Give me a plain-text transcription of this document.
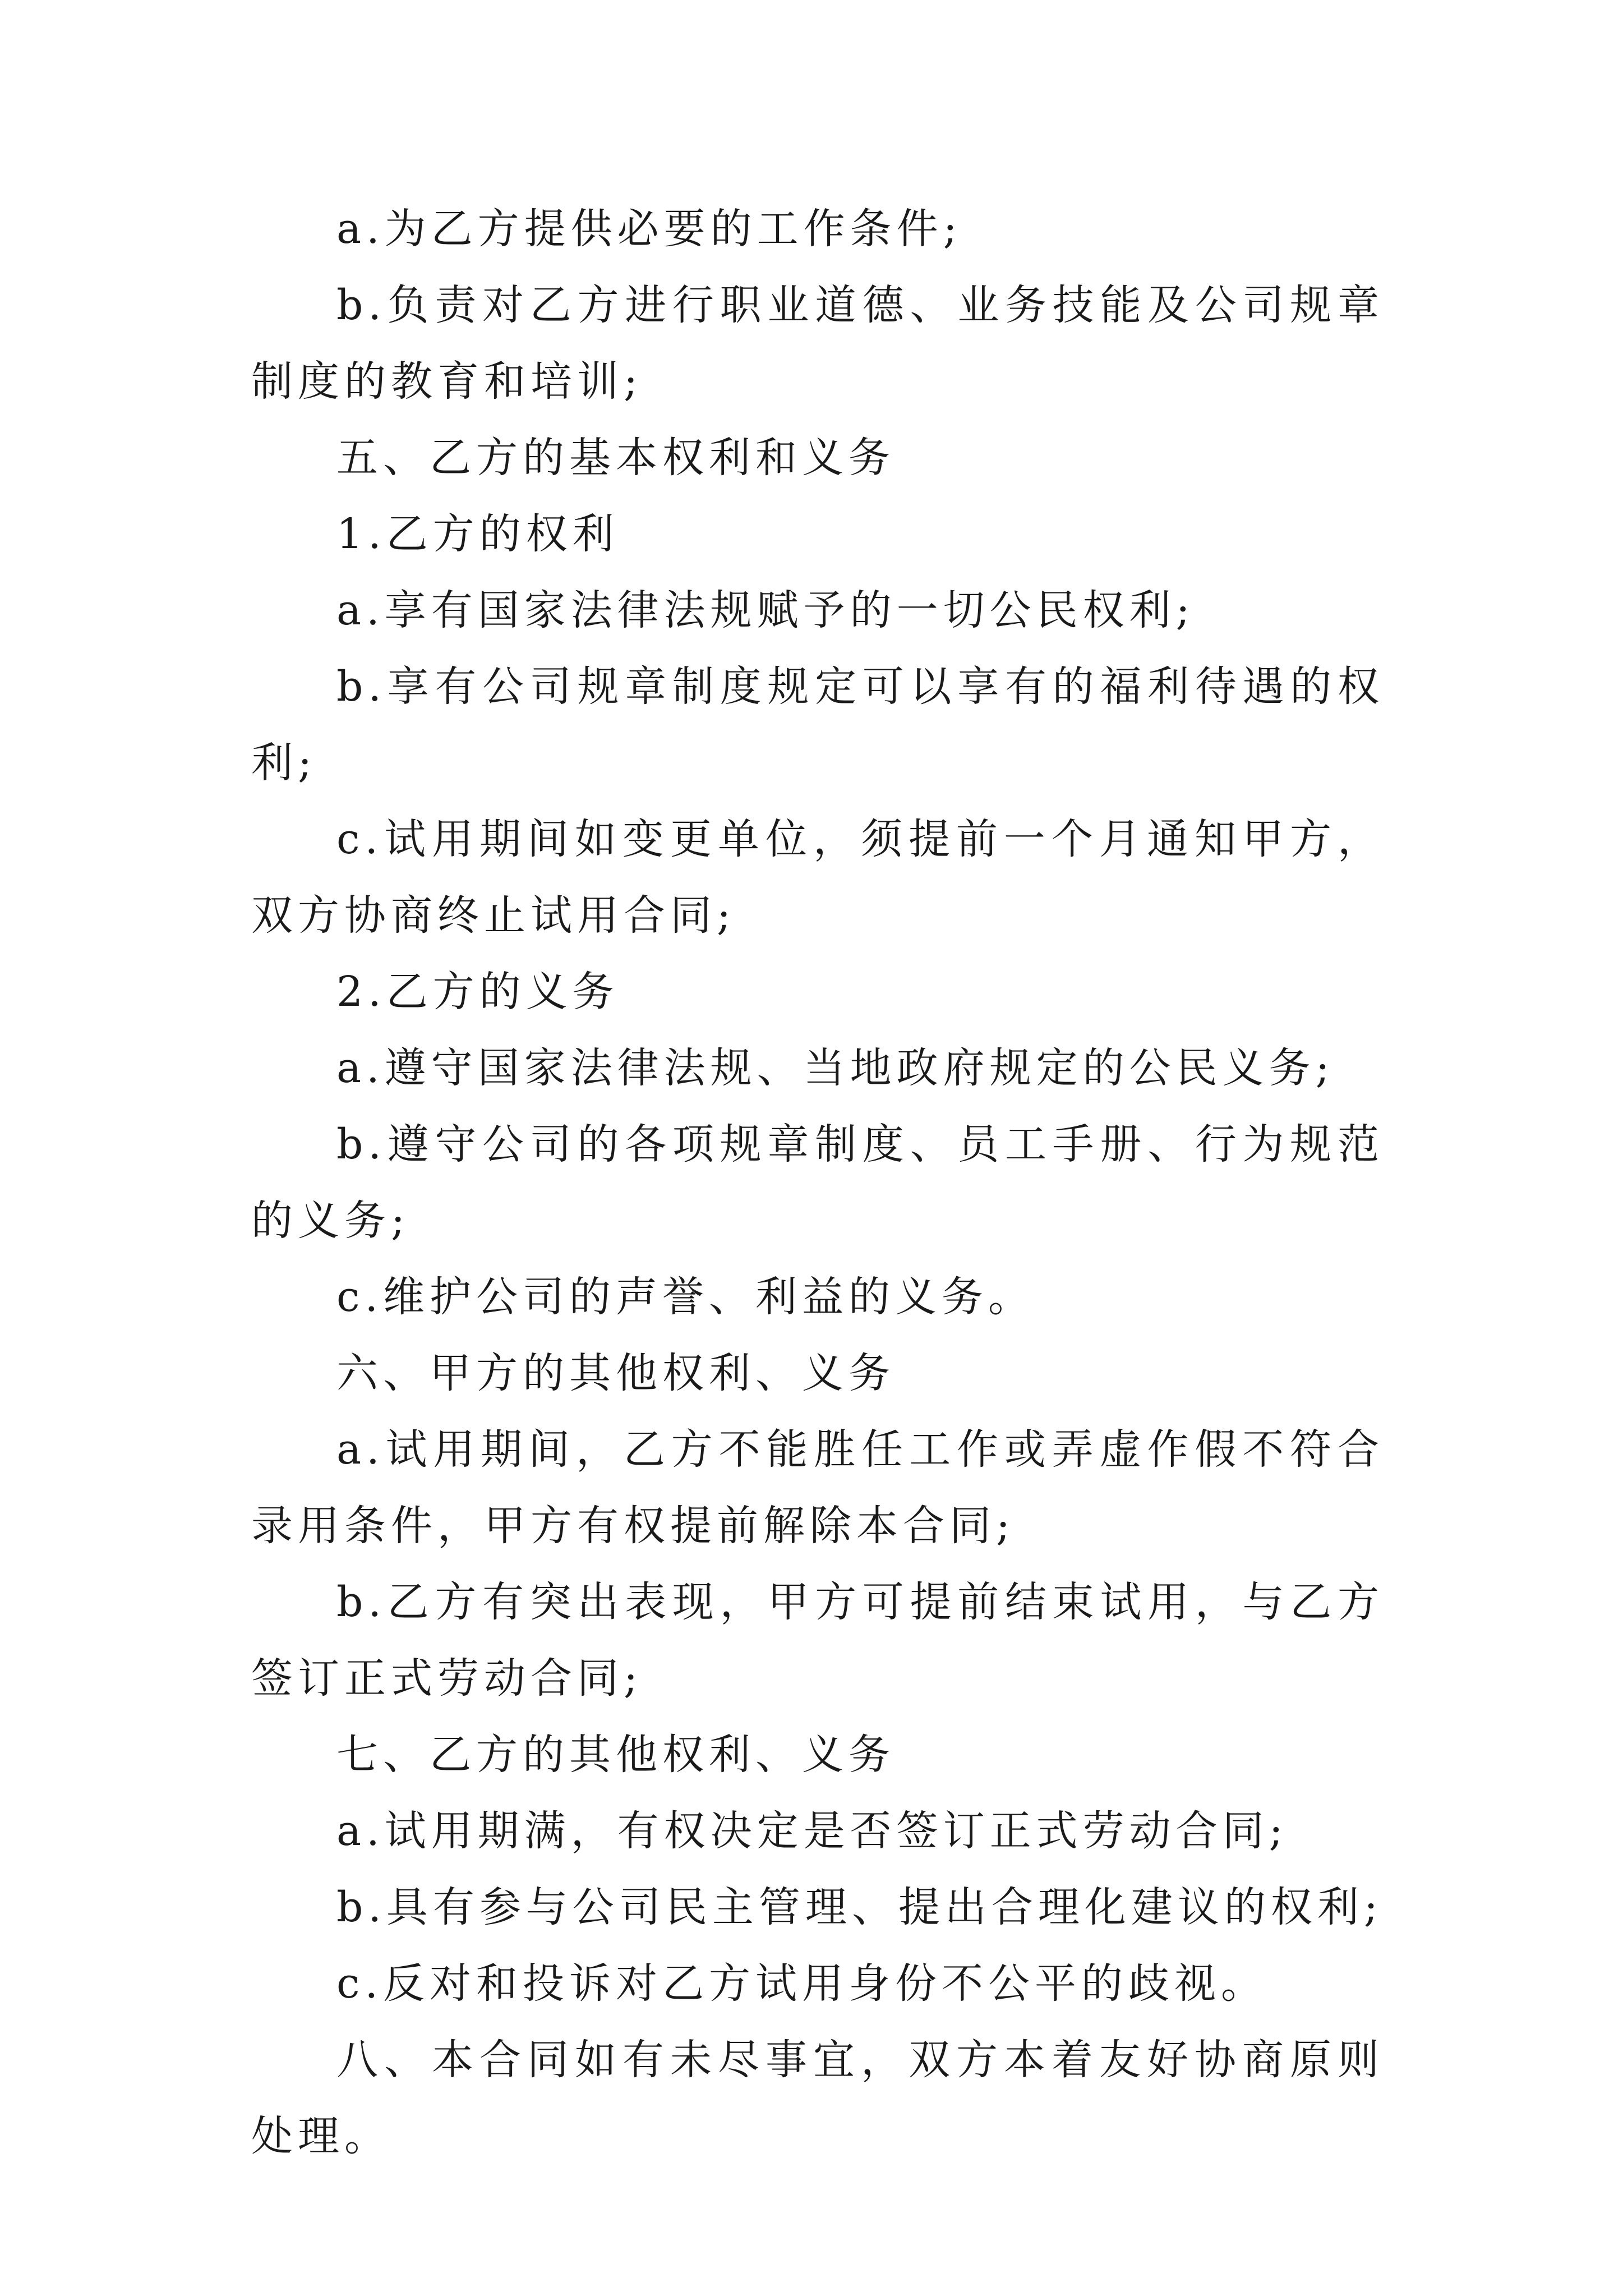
a.为乙方提供必要的工作条件;

b.负责对乙方进行职业道德、业务技能及公司规章制度的教育和培训;

五、乙方的基本权利和义务

1.乙方的权利

a.享有国家法律法规赋予的一切公民权利;

b.享有公司规章制度规定可以享有的福利待遇的权利;

c.试用期间如变更单位，须提前一个月通知甲方，双方协商终止试用合同;

2.乙方的义务

a.遵守国家法律法规、当地政府规定的公民义务;

b.遵守公司的各项规章制度、员工手册、行为规范的义务;

c.维护公司的声誉、利益的义务。

六、甲方的其他权利、义务

a.试用期间，乙方不能胜任工作或弄虚作假不符合录用条件，甲方有权提前解除本合同;

b.乙方有突出表现，甲方可提前结束试用，与乙方签订正式劳动合同;

七、乙方的其他权利、义务

a.试用期满，有权决定是否签订正式劳动合同;

b.具有参与公司民主管理、提出合理化建议的权利;

c.反对和投诉对乙方试用身份不公平的歧视。

八、本合同如有未尽事宜，双方本着友好协商原则处理。
